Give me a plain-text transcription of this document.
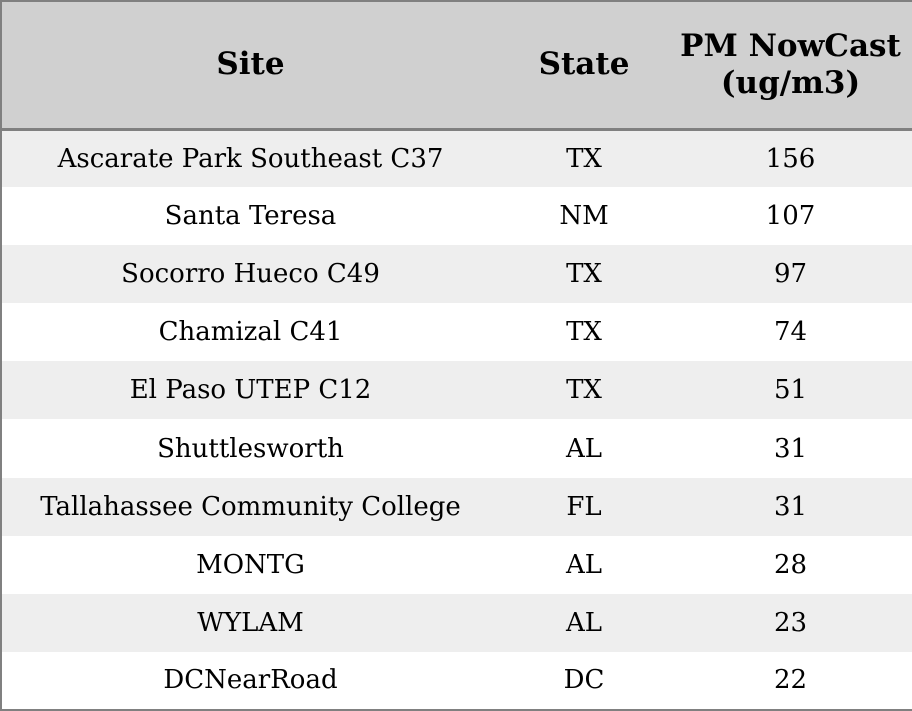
Site	State	PM NowCast (ug/m3)
Ascarate Park Southeast C37	TX	156
Santa Teresa	NM	107
Socorro Hueco C49	TX	97
Chamizal C41	TX	74
El Paso UTEP C12	TX	51
Shuttlesworth	AL	31
Tallahassee Community College	FL	31
MONTG	AL	28
WYLAM	AL	23
DCNearRoad	DC	22
